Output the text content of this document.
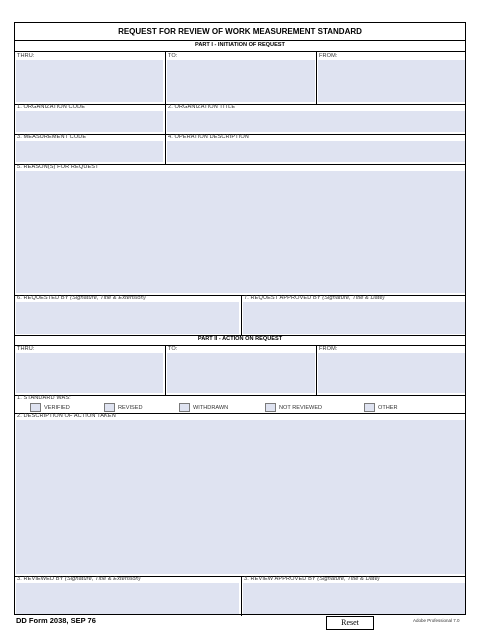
REQUEST FOR REVIEW OF WORK MEASUREMENT STANDARD
PART I - INITIATION OF REQUEST
THRU:	TO:	FROM:
1. ORGANIZATION CODE	2. ORGANIZATION TITLE
3. MEASUREMENT CODE	4. OPERATION DESCRIPTION
5. REASON(S) FOR REQUEST
6. REQUESTED BY (Signature, Title & Extension)	7. REQUEST APPROVED BY (Signature, Title & Date)
PART II - ACTION ON REQUEST
THRU:	TO:	FROM:
1. STANDARD WAS:
VERIFIED	REVISED	WITHDRAWN	NOT REVIEWED	OTHER
2. DESCRIPTION OF ACTION TAKEN
3. REVIEWED BY (Signature, Title & Extension)	3. REVIEW APPROVED BY (Signature, Title & Date)
DD Form 2038, SEP 76	Reset	Adobe Professional 7.0
